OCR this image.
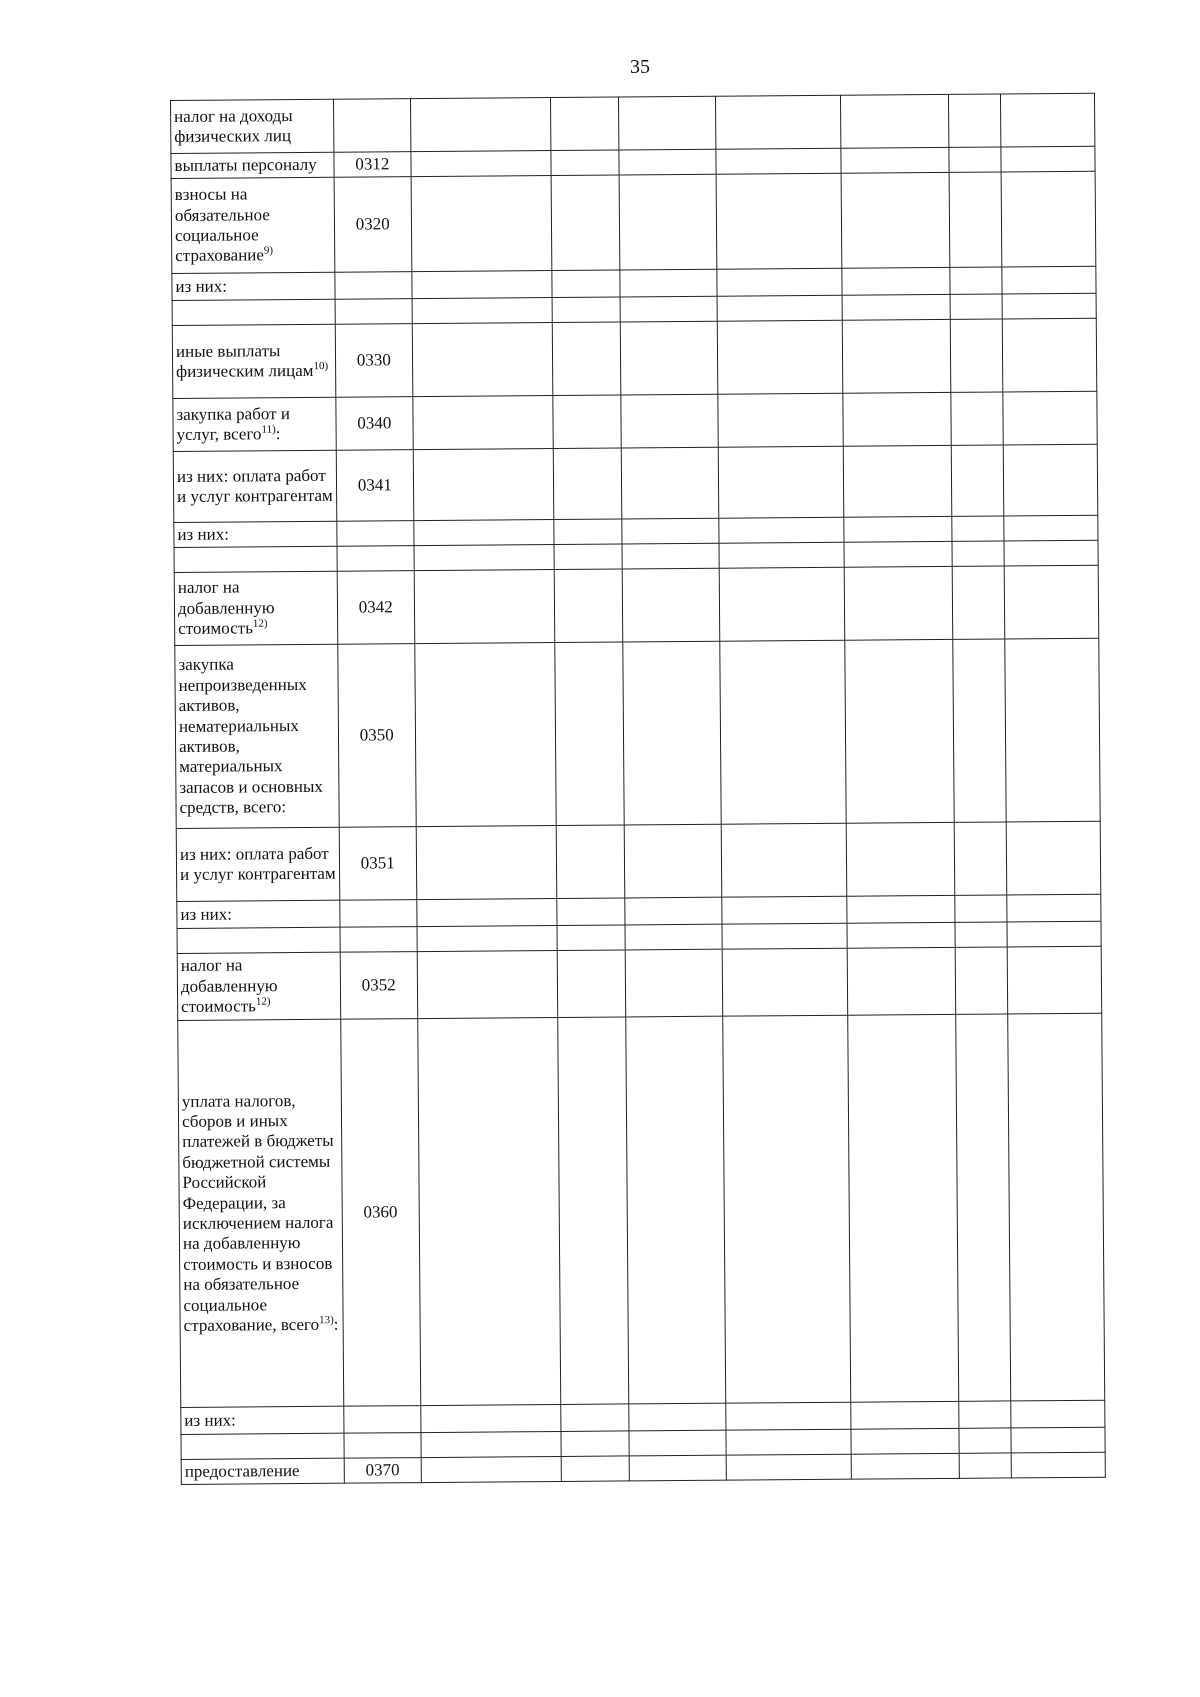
35
налог на доходы физических лиц								
выплаты персоналу	0312							
взносы на обязательное социальное страхование$^{9)}$	0320							
из них:								

иные выплаты физическим лицам$^{10)}$	0330							
закупка работ и услуг, всего$^{11)}$:	0340							
из них: оплата работ и услуг контрагентам	0341							
из них:								

налог на добавленную стоимость$^{12)}$	0342							
закупка непроизведенных активов, нематериальных активов, материальных запасов и основных средств, всего:	0350							
из них: оплата работ и услуг контрагентам	0351							
из них:								

налог на добавленную стоимость$^{12)}$	0352							
уплата налогов, сборов и иных платежей в бюджеты бюджетной системы Российской Федерации, за исключением налога на добавленную стоимость и взносов на обязательное социальное страхование, всего$^{13)}$:	0360							
из них:								

предоставление	0370							
